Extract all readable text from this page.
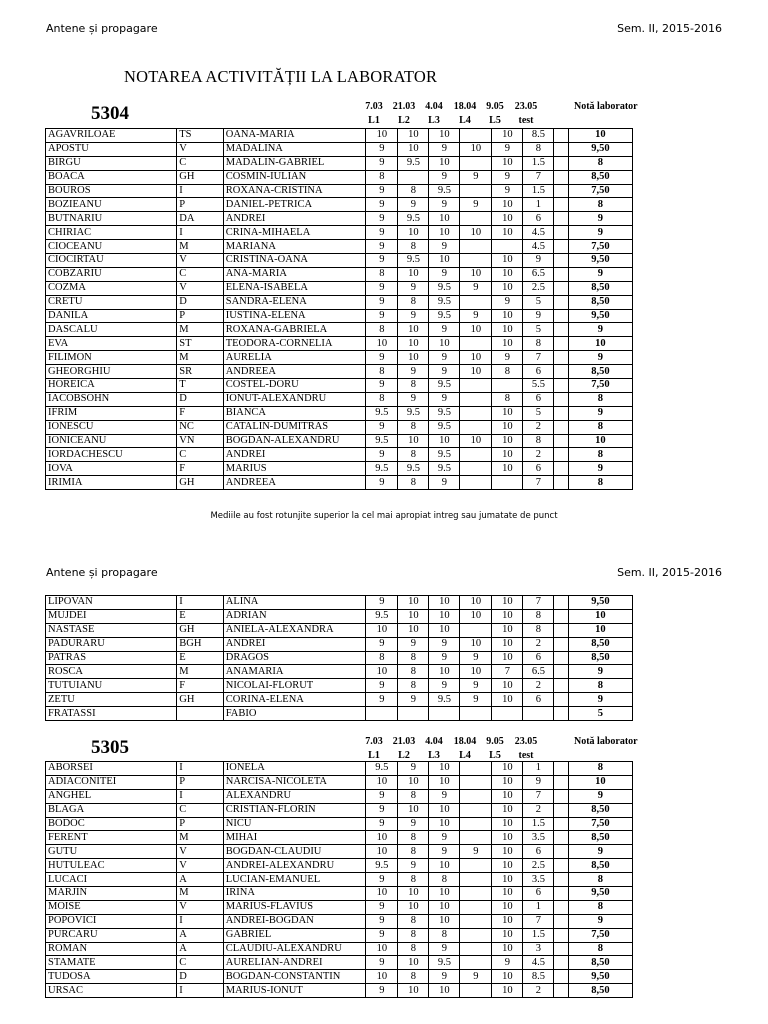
Antene și propagare	Sem. II, 2015-2016
NOTAREA ACTIVITĂȚII LA LABORATOR
5304	7.03	21.03	4.04	18.04	9.05	23.05
L1	L2	L3	L4	L5	test
Notă laborator
AGAVRILOAE	TS	OANA-MARIA	10	10	10		10	8.5		10
APOSTU	V	MADALINA	9	10	9	10	9	8		9,50
BIRGU	C	MADALIN-GABRIEL	9	9.5	10		10	1.5		8
BOACA	GH	COSMIN-IULIAN	8		9	9	9	7		8,50
BOUROS	I	ROXANA-CRISTINA	9	8	9.5		9	1.5		7,50
BOZIEANU	P	DANIEL-PETRICA	9	9	9	9	10	1		8
BUTNARIU	DA	ANDREI	9	9.5	10		10	6		9
CHIRIAC	I	CRINA-MIHAELA	9	10	10	10	10	4.5		9
CIOCEANU	M	MARIANA	9	8	9			4.5		7,50
CIOCIRTAU	V	CRISTINA-OANA	9	9.5	10		10	9		9,50
COBZARIU	C	ANA-MARIA	8	10	9	10	10	6.5		9
COZMA	V	ELENA-ISABELA	9	9	9.5	9	10	2.5		8,50
CRETU	D	SANDRA-ELENA	9	8	9.5		9	5		8,50
DANILA	P	IUSTINA-ELENA	9	9	9.5	9	10	9		9,50
DASCALU	M	ROXANA-GABRIELA	8	10	9	10	10	5		9
EVA	ST	TEODORA-CORNELIA	10	10	10		10	8		10
FILIMON	M	AURELIA	9	10	9	10	9	7		9
GHEORGHIU	SR	ANDREEA	8	9	9	10	8	6		8,50
HOREICA	T	COSTEL-DORU	9	8	9.5			5.5		7,50
IACOBSOHN	D	IONUT-ALEXANDRU	8	9	9		8	6		8
IFRIM	F	BIANCA	9.5	9.5	9.5		10	5		9
IONESCU	NC	CATALIN-DUMITRAS	9	8	9.5		10	2		8
IONICEANU	VN	BOGDAN-ALEXANDRU	9.5	10	10	10	10	8		10
IORDACHESCU	C	ANDREI	9	8	9.5		10	2		8
IOVA	F	MARIUS	9.5	9.5	9.5		10	6		9
IRIMIA	GH	ANDREEA	9	8	9			7		8
Mediile au fost rotunjite superior la cel mai apropiat intreg sau jumatate de punct
Antene și propagare	Sem. II, 2015-2016
LIPOVAN	I	ALINA	9	10	10	10	10	7		9,50
MUJDEI	E	ADRIAN	9.5	10	10	10	10	8		10
NASTASE	GH	ANIELA-ALEXANDRA	10	10	10		10	8		10
PADURARU	BGH	ANDREI	9	9	9	10	10	2		8,50
PATRAS	E	DRAGOS	8	8	9	9	10	6		8,50
ROSCA	M	ANAMARIA	10	8	10	10	7	6.5		9
TUTUIANU	F	NICOLAI-FLORUT	9	8	9	9	10	2		8
ZETU	GH	CORINA-ELENA	9	9	9.5	9	10	6		9
FRATASSI		FABIO								5
5305	7.03	21.03	4.04	18.04	9.05	23.05
L1	L2	L3	L4	L5	test
Notă laborator
ABORSEI	I	IONELA	9.5	9	10		10	1		8
ADIACONITEI	P	NARCISA-NICOLETA	10	10	10		10	9		10
ANGHEL	I	ALEXANDRU	9	8	9		10	7		9
BLAGA	C	CRISTIAN-FLORIN	9	10	10		10	2		8,50
BODOC	P	NICU	9	9	10		10	1.5		7,50
FERENT	M	MIHAI	10	8	9		10	3.5		8,50
GUTU	V	BOGDAN-CLAUDIU	10	8	9	9	10	6		9
HUTULEAC	V	ANDREI-ALEXANDRU	9.5	9	10		10	2.5		8,50
LUCACI	A	LUCIAN-EMANUEL	9	8	8		10	3.5		8
MARJIN	M	IRINA	10	10	10		10	6		9,50
MOISE	V	MARIUS-FLAVIUS	9	10	10		10	1		8
POPOVICI	I	ANDREI-BOGDAN	9	8	10		10	7		9
PURCARU	A	GABRIEL	9	8	8		10	1.5		7,50
ROMAN	A	CLAUDIU-ALEXANDRU	10	8	9		10	3		8
STAMATE	C	AURELIAN-ANDREI	9	10	9.5		9	4.5		8,50
TUDOSA	D	BOGDAN-CONSTANTIN	10	8	9	9	10	8.5		9,50
URSAC	I	MARIUS-IONUT	9	10	10		10	2		8,50
